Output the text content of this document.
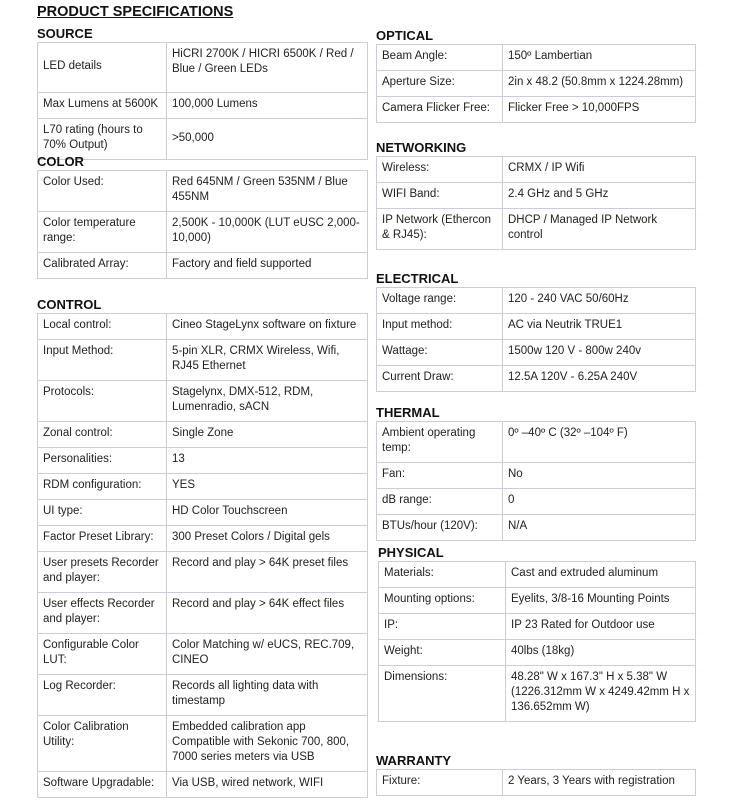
PRODUCT SPECIFICATIONS
SOURCE
LED details	HiCRI 2700K / HICRI 6500K / Red / Blue / Green LEDs
Max Lumens at 5600K	100,000 Lumens
L70 rating (hours to 70% Output)	>50,000
COLOR
Color Used:	Red 645NM / Green 535NM / Blue 455NM
Color temperature range:	2,500K - 10,000K (LUT eUSC 2,000-10,000)
Calibrated Array:	Factory and field supported
CONTROL
Local control:	Cineo StageLynx software on fixture
Input Method:	5-pin XLR, CRMX Wireless, Wifi, RJ45 Ethernet
Protocols:	Stagelynx, DMX-512, RDM, Lumenradio, sACN
Zonal control:	Single Zone
Personalities:	13
RDM configuration:	YES
UI type:	HD Color Touchscreen
Factor Preset Library:	300 Preset Colors / Digital gels
User presets Recorder and player:	Record and play > 64K preset files
User effects Recorder and player:	Record and play > 64K effect files
Configurable Color LUT:	Color Matching w/ eUCS, REC.709, CINEO
Log Recorder:	Records all lighting data with timestamp
Color Calibration Utility:	Embedded calibration app Compatible with Sekonic 700, 800, 7000 series meters via USB
Software Upgradable:	Via USB, wired network, WIFI
OPTICAL
Beam Angle:	150º Lambertian
Aperture Size:	2in x 48.2 (50.8mm x 1224.28mm)
Camera Flicker Free:	Flicker Free > 10,000FPS
NETWORKING
Wireless:	CRMX / IP Wifi
WIFI Band:	2.4 GHz and 5 GHz
IP Network (Ethercon & RJ45):	DHCP / Managed IP Network control
ELECTRICAL
Voltage range:	120 - 240 VAC 50/60Hz
Input method:	AC via Neutrik TRUE1
Wattage:	1500w 120 V - 800w 240v
Current Draw:	12.5A 120V - 6.25A 240V
THERMAL
Ambient operating temp:	0º –40º C (32º –104º F)
Fan:	No
dB range:	0
BTUs/hour (120V):	N/A
PHYSICAL
Materials:	Cast and extruded aluminum
Mounting options:	Eyelits, 3/8-16 Mounting Points
IP:	IP 23 Rated for Outdoor use
Weight:	40lbs (18kg)
Dimensions:	48.28" W x 167.3" H x 5.38" W (1226.312mm W x 4249.42mm H x 136.652mm W)
WARRANTY
Fixture:	2 Years, 3 Years with registration
